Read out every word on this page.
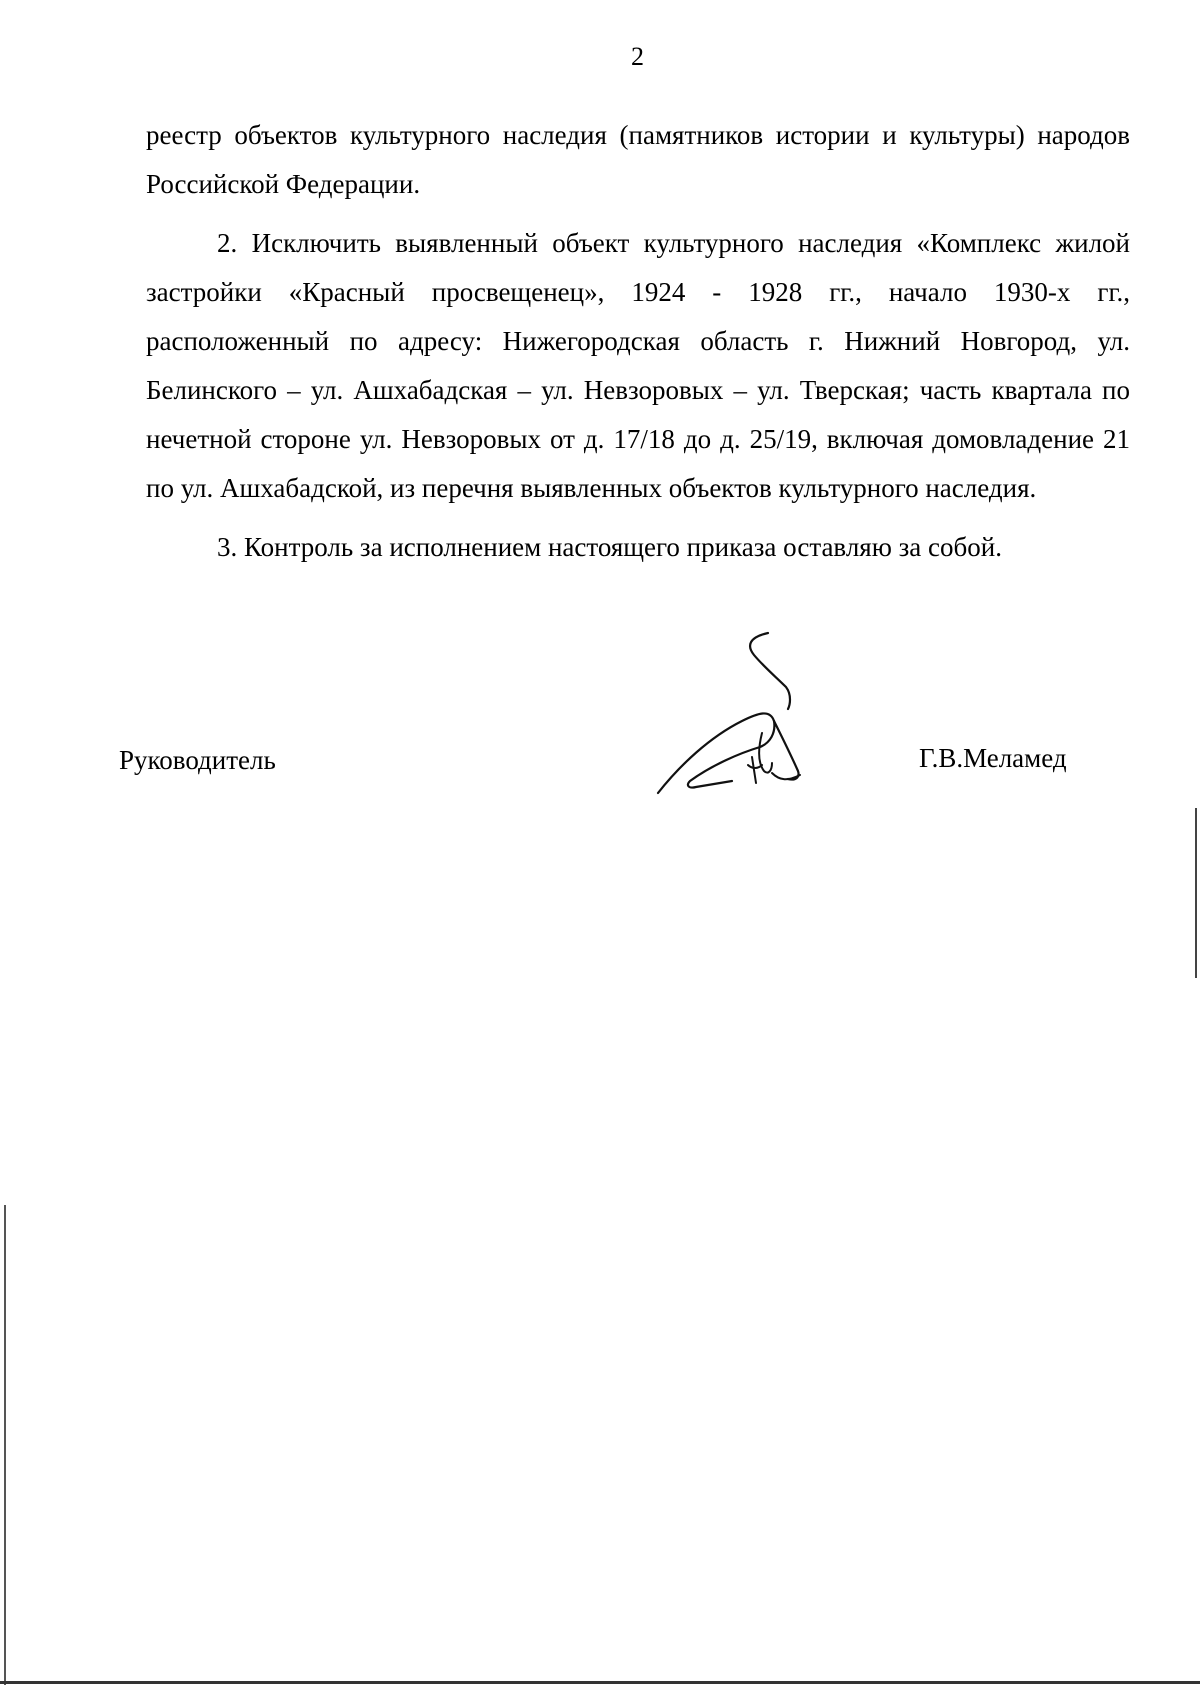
2

реестр объектов культурного наследия (памятников истории и культуры) народов Российской Федерации.

2. Исключить выявленный объект культурного наследия «Комплекс жилой застройки «Красный просвещенец», 1924 - 1928 гг., начало 1930-х гг., расположенный по адресу: Нижегородская область г. Нижний Новгород, ул. Белинского – ул. Ашхабадская – ул. Невзоровых – ул. Тверская; часть квартала по нечетной стороне ул. Невзоровых от д. 17/18 до д. 25/19, включая домовладение 21 по ул. Ашхабадской, из перечня выявленных объектов культурного наследия.

3. Контроль за исполнением настоящего приказа оставляю за собой.

Руководитель	Г.В.Меламед
